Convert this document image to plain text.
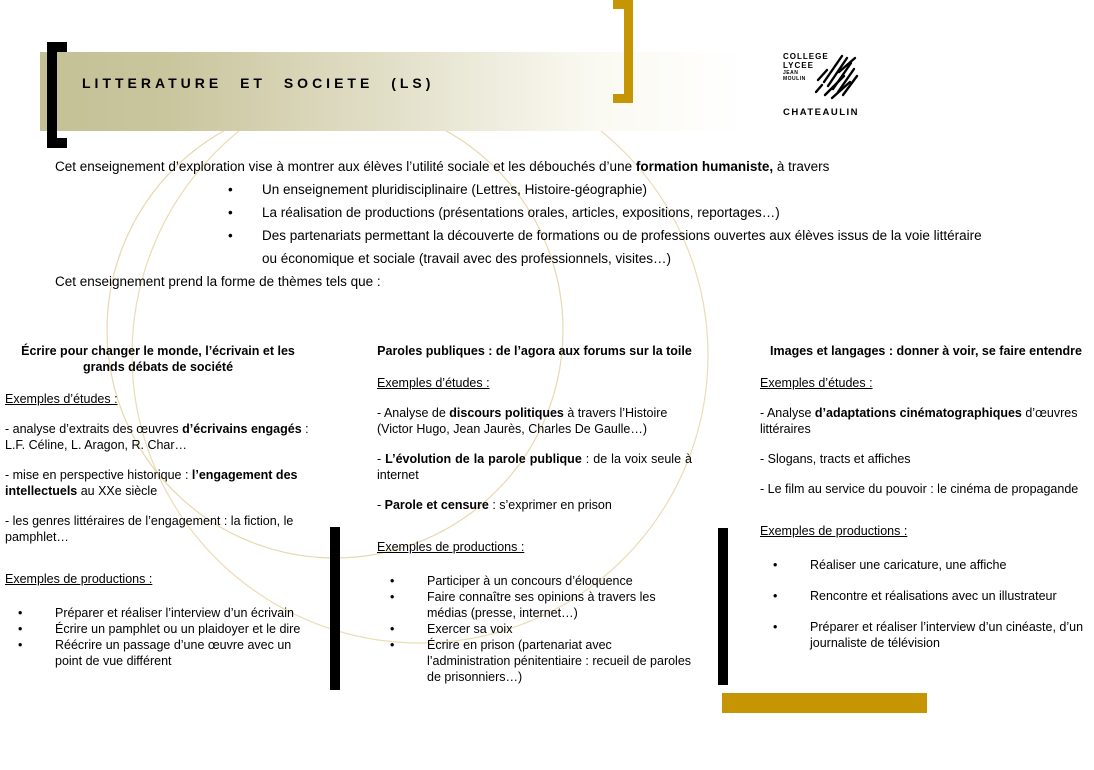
LITTERATURE ET SOCIETE (LS)
COLLEGE
LYCEE
JEAN
MOULIN
CHATEAULIN

Cet enseignement d’exploration vise à montrer aux élèves l’utilité sociale et les débouchés d’une formation humaniste, à travers

• Un enseignement pluridisciplinaire (Lettres, Histoire-géographie)
• La réalisation de productions (présentations orales, articles, expositions, reportages…)
• Des partenariats permettant la découverte de formations ou de professions ouvertes aux élèves issus de la voie littéraire

ou économique et sociale (travail avec des professionnels, visites…)

Cet enseignement prend la forme de thèmes tels que :

Écrire pour changer le monde, l’écrivain et les grands débats de société
Exemples d’études :

- analyse d’extraits des œuvres d’écrivains engagés : L.F. Céline, L. Aragon, R. Char…

- mise en perspective historique : l’engagement des intellectuels au XXe siècle

- les genres littéraires de l’engagement : la fiction, le pamphlet…

Exemples de productions :
• Préparer et réaliser l’interview d’un écrivain
• Écrire un pamphlet ou un plaidoyer et le dire
• Réécrire un passage d’une œuvre avec un point de vue différent
Paroles publiques : de l’agora aux forums sur la toile
Exemples d’études :

- Analyse de discours politiques à travers l’Histoire (Victor Hugo, Jean Jaurès, Charles De Gaulle…)

- L’évolution de la parole publique : de la voix seule à internet

- Parole et censure : s’exprimer en prison

Exemples de productions :
• Participer à un concours d’éloquence
• Faire connaître ses opinions à travers les médias (presse, internet…)
• Exercer sa voix
• Écrire en prison (partenariat avec l’administration pénitentiaire : recueil de paroles de prisonniers…)
Images et langages : donner à voir, se faire entendre
Exemples d’études :

- Analyse d’adaptations cinématographiques d’œuvres littéraires

- Slogans, tracts et affiches

- Le film au service du pouvoir : le cinéma de propagande

Exemples de productions :
• Réaliser une caricature, une affiche
• Rencontre et réalisations avec un illustrateur
• Préparer et réaliser l’interview d’un cinéaste, d’un journaliste de télévision
